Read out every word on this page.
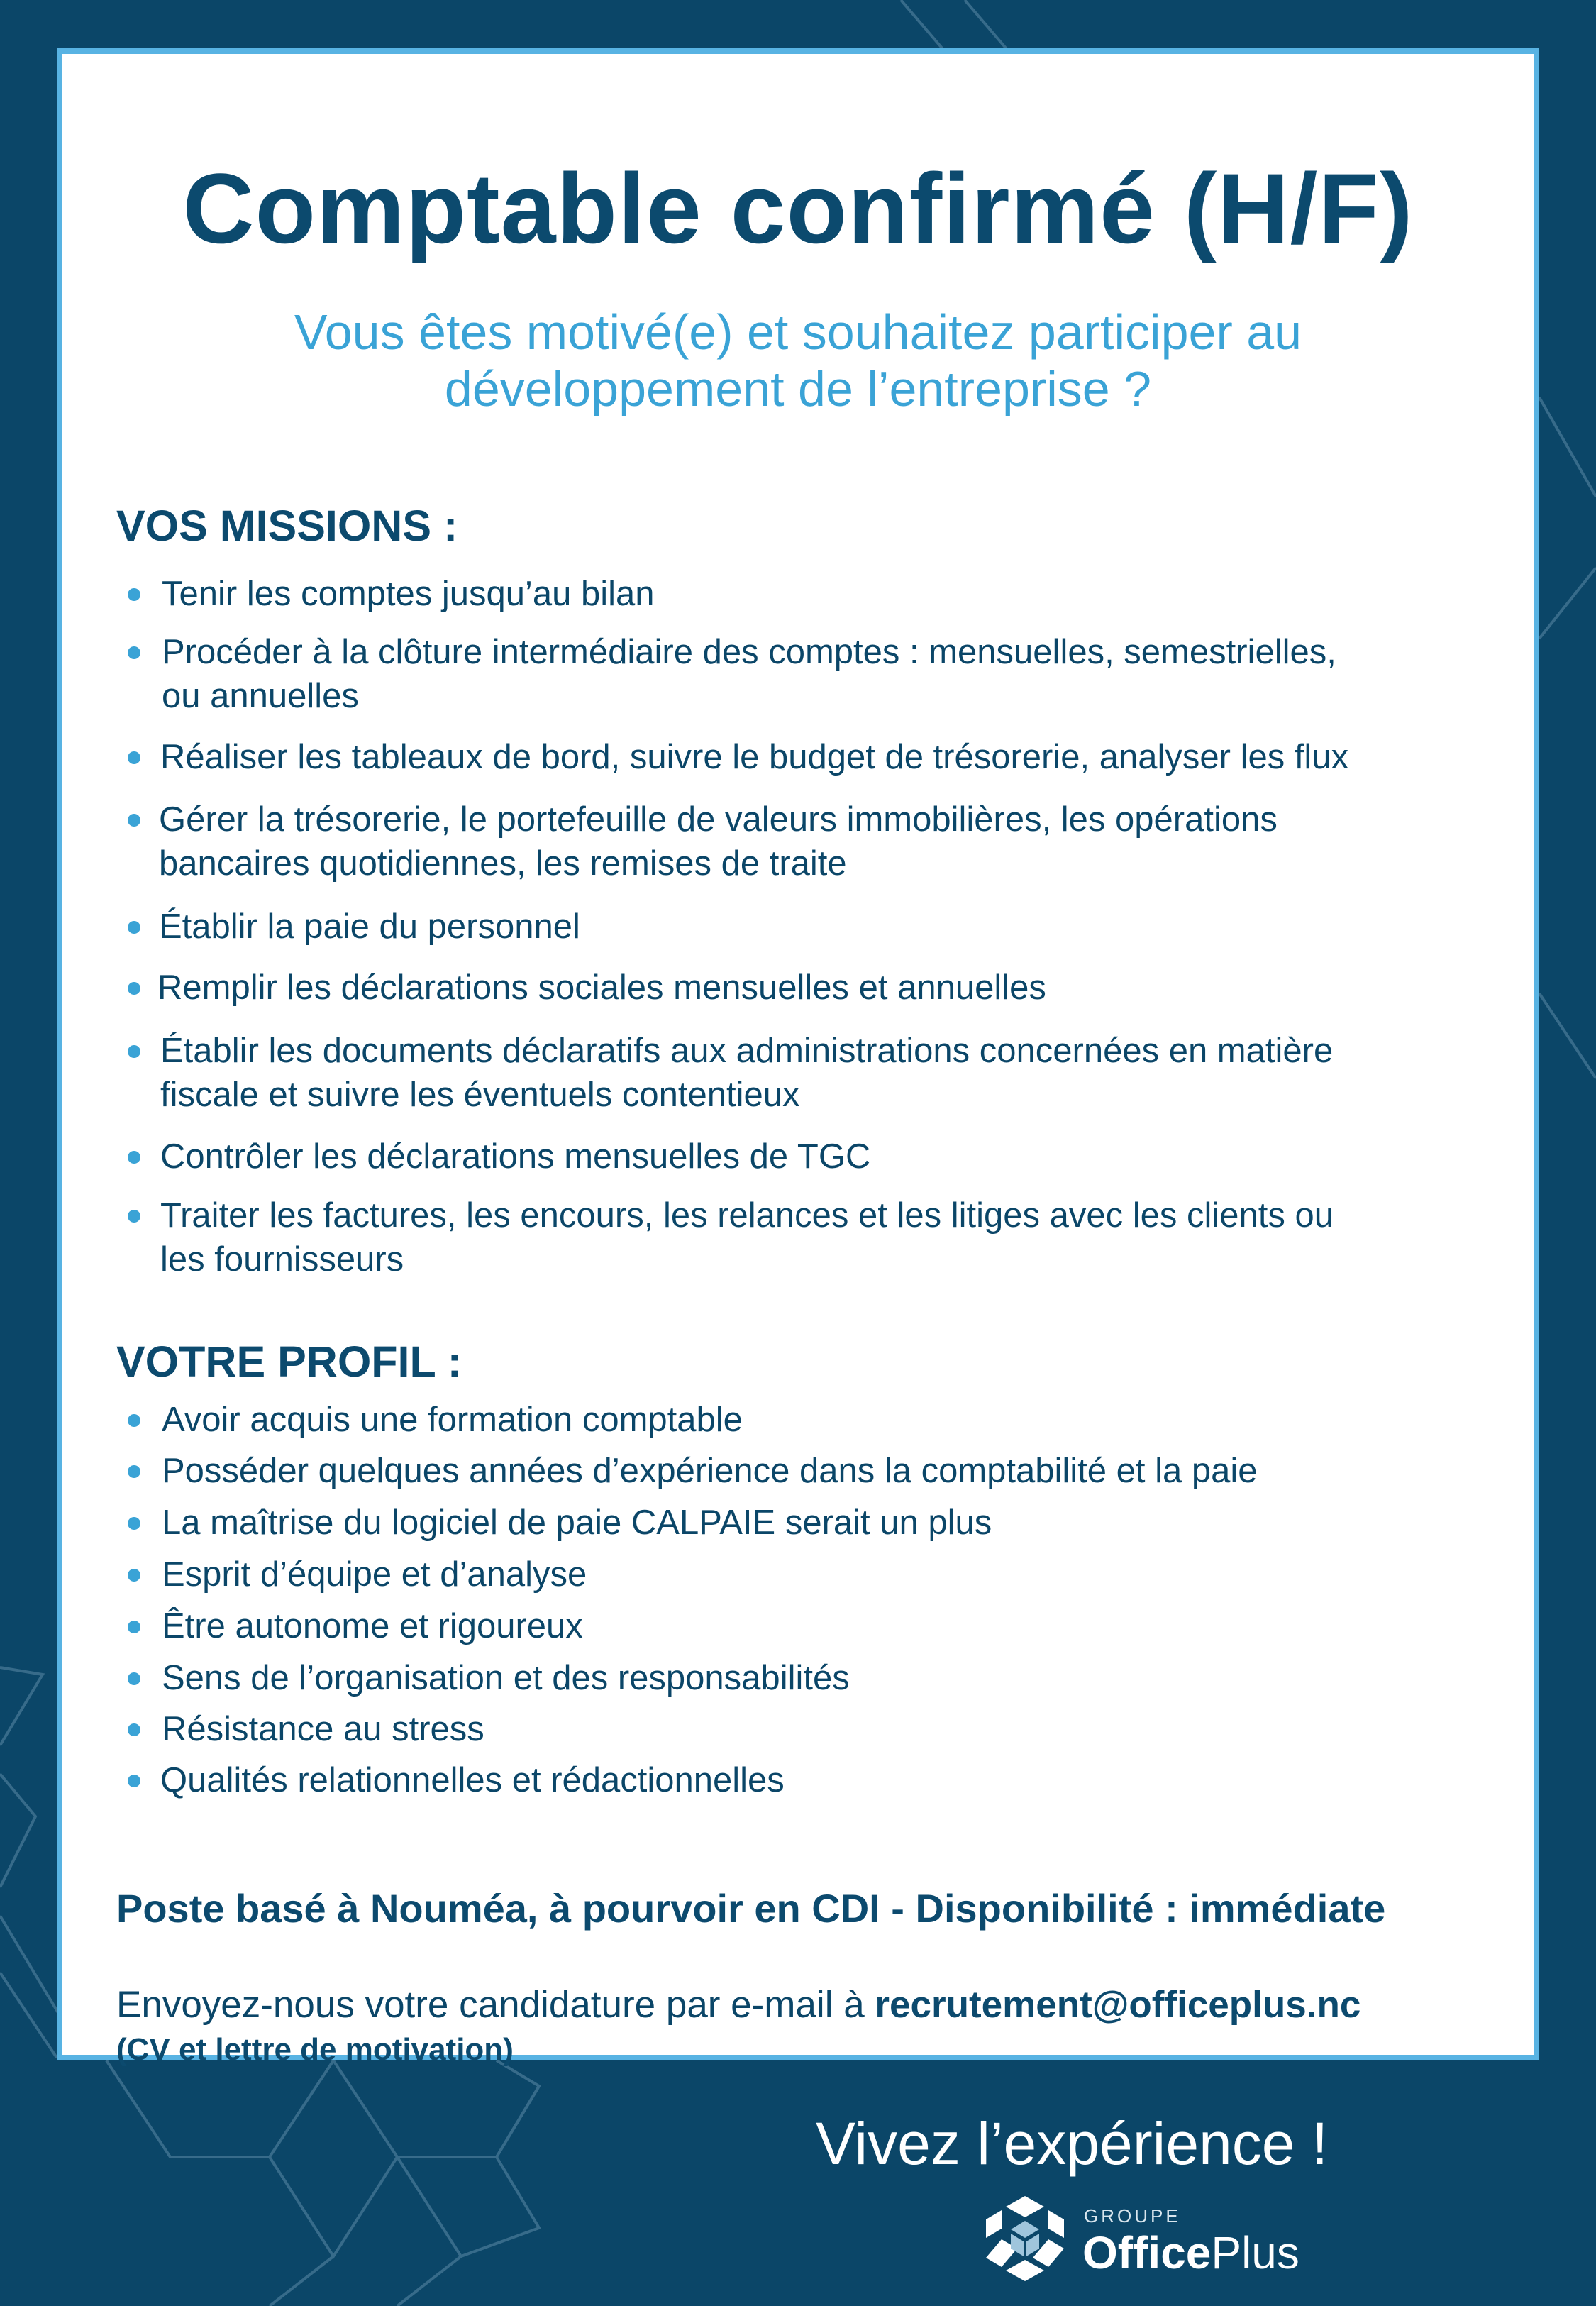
Comptable confirmé (H/F)
Vous êtes motivé(e) et souhaitez participer au
développement de l’entreprise ?
VOS MISSIONS :
Tenir les comptes jusqu’au bilan
Procéder à la clôture intermédiaire des comptes : mensuelles, semestrielles,
ou annuelles
Réaliser les tableaux de bord, suivre le budget de trésorerie, analyser les flux
Gérer la trésorerie, le portefeuille de valeurs immobilières, les opérations
bancaires quotidiennes, les remises de traite
Établir la paie du personnel
Remplir les déclarations sociales mensuelles et annuelles
Établir les documents déclaratifs aux administrations concernées en matière
fiscale et suivre les éventuels contentieux
Contrôler les déclarations mensuelles de TGC
Traiter les factures, les encours, les relances et les litiges avec les clients ou
les fournisseurs
VOTRE PROFIL :
Avoir acquis une formation comptable
Posséder quelques années d’expérience dans la comptabilité et la paie
La maîtrise du logiciel de paie CALPAIE serait un plus
Esprit d’équipe et d’analyse
Être autonome et rigoureux
Sens de l’organisation et des responsabilités
Résistance au stress
Qualités relationnelles et rédactionnelles
Poste basé à Nouméa, à pourvoir en CDI - Disponibilité : immédiate
Envoyez-nous votre candidature par e-mail à recrutement@officeplus.nc
(CV et lettre de motivation)
Vivez l’expérience !
GROUPE
OfficePlus
